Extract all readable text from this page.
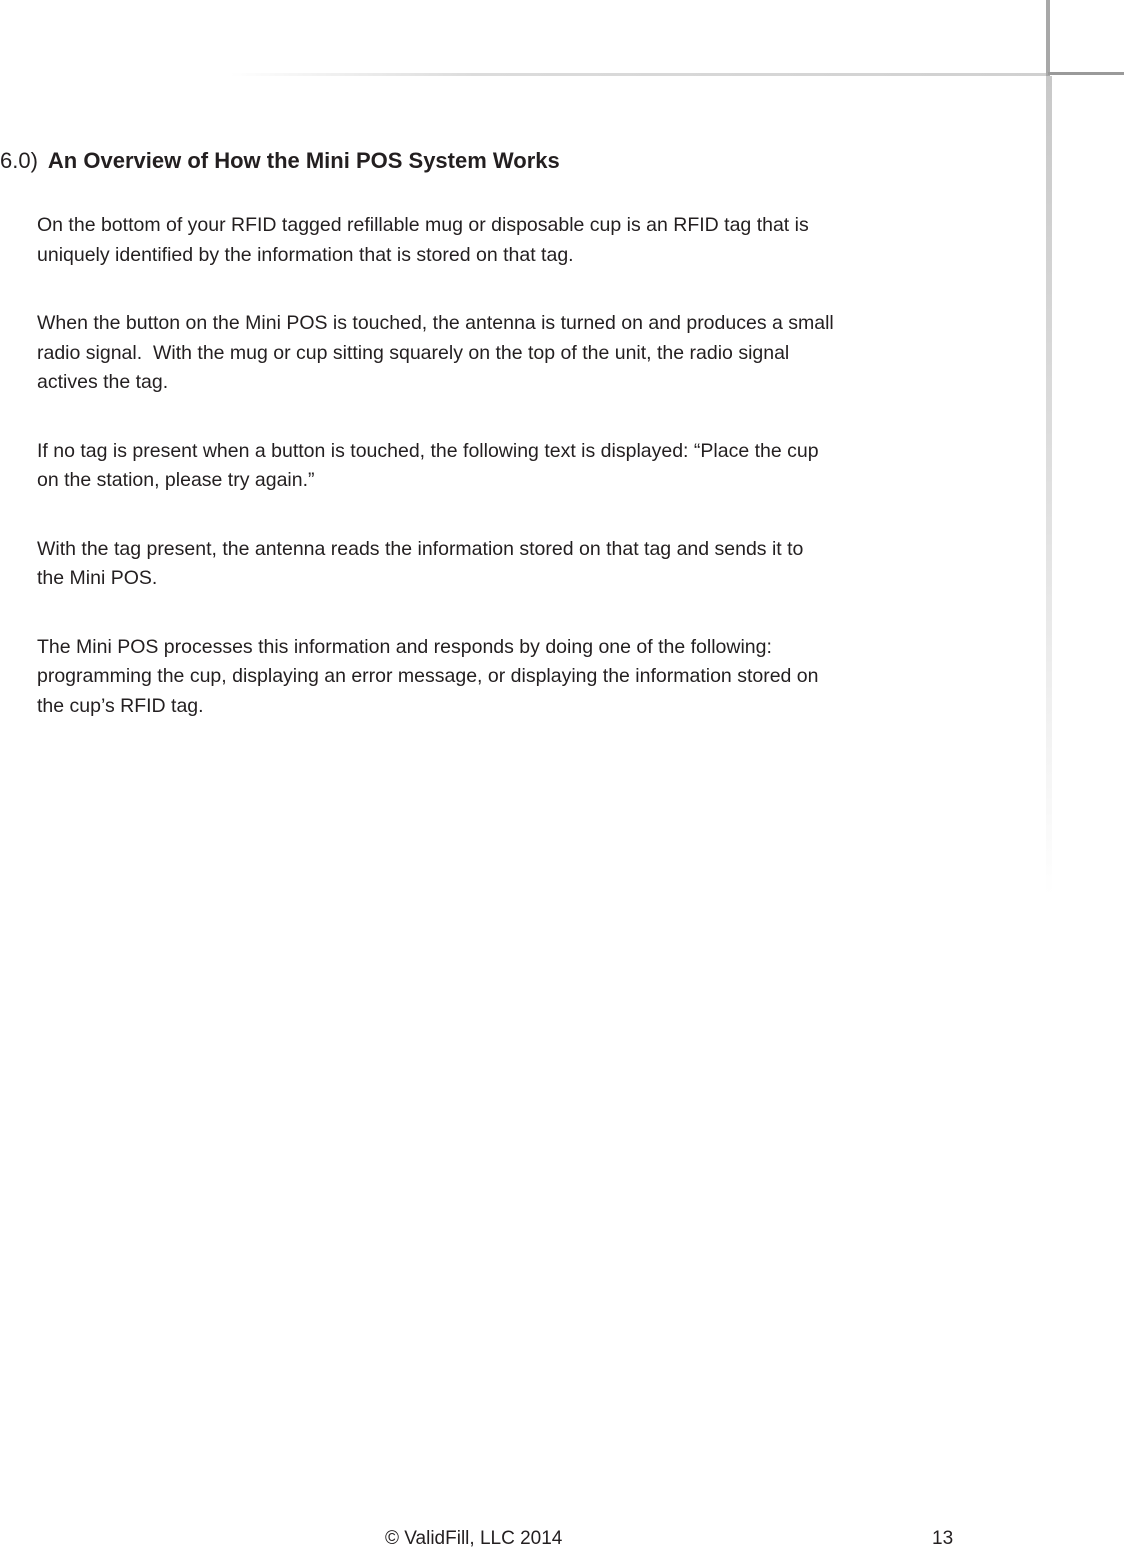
6.0) An Overview of How the Mini POS System Works

On the bottom of your RFID tagged refillable mug or disposable cup is an RFID tag that is
uniquely identified by the information that is stored on that tag.

When the button on the Mini POS is touched, the antenna is turned on and produces a small
radio signal.  With the mug or cup sitting squarely on the top of the unit, the radio signal
actives the tag.

If no tag is present when a button is touched, the following text is displayed: “Place the cup
on the station, please try again.”

With the tag present, the antenna reads the information stored on that tag and sends it to
the Mini POS.

The Mini POS processes this information and responds by doing one of the following:
programming the cup, displaying an error message, or displaying the information stored on
the cup’s RFID tag.

© ValidFill, LLC 2014	13
